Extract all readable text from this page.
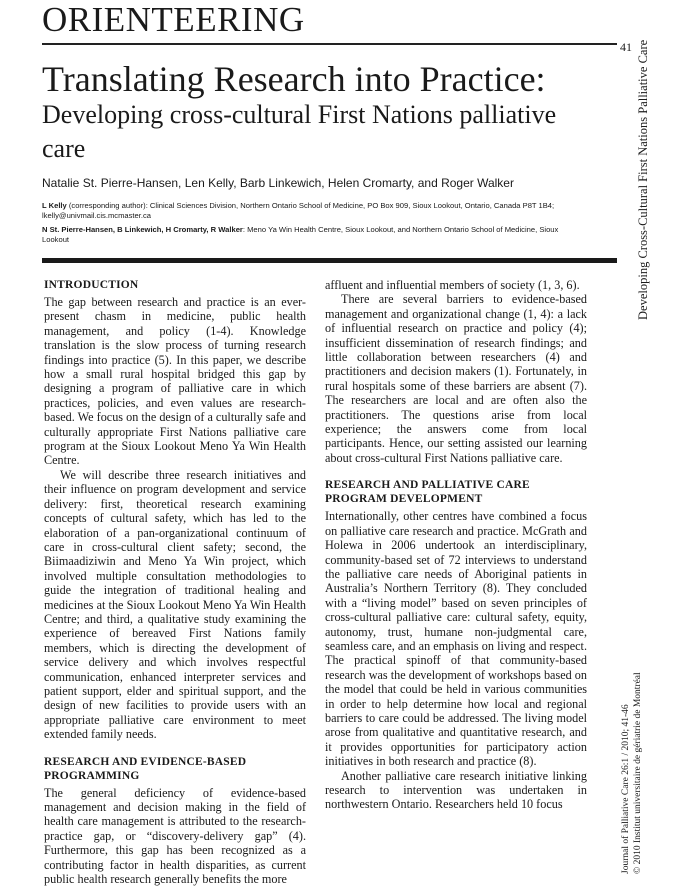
ORIENTEERING
41 Developing Cross-Cultural First Nations Palliative Care
Journal of Palliative Care 26:1 / 2010; 41-46 © 2010 Institut universitaire de gériatrie de Montréal
Translating Research into Practice:
Developing cross-cultural First Nations palliative care
Natalie St. Pierre-Hansen, Len Kelly, Barb Linkewich, Helen Cromarty, and Roger Walker
L Kelly (corresponding author): Clinical Sciences Division, Northern Ontario School of Medicine, PO Box 909, Sioux Lookout, Ontario, Canada P8T 1B4; lkelly@univmail.cis.mcmaster.ca
N St. Pierre-Hansen, B Linkewich, H Cromarty, R Walker: Meno Ya Win Health Centre, Sioux Lookout, and Northern Ontario School of Medicine, Sioux Lookout
INTRODUCTION

The gap between research and practice is an ever-present chasm in medicine, public health management, and policy (1-4). Knowledge translation is the slow process of turning research findings into practice (5). In this paper, we describe how a small rural hospital bridged this gap by designing a program of palliative care in which practices, policies, and even values are research-based. We focus on the design of a culturally safe and culturally appropriate First Nations palliative care program at the Sioux Lookout Meno Ya Win Health Centre.

We will describe three research initiatives and their influence on program development and service delivery: first, theoretical research examining concepts of cultural safety, which has led to the elaboration of a pan-organizational continuum of care in cross-cultural client safety; second, the Biimaadiziwin and Meno Ya Win project, which involved multiple consultation methodologies to guide the integration of traditional healing and medicines at the Sioux Lookout Meno Ya Win Health Centre; and third, a qualitative study examining the experience of bereaved First Nations family members, which is directing the development of service delivery and which involves respectful communication, enhanced interpreter services and patient support, elder and spiritual support, and the design of new facilities to provide users with an appropriate palliative care environment to meet extended family needs.

RESEARCH AND EVIDENCE-BASED PROGRAMMING

The general deficiency of evidence-based management and decision making in the field of health care management is attributed to the research-practice gap, or “discovery-delivery gap” (4). Furthermore, this gap has been recognized as a contributing factor in health disparities, as current public health research generally benefits the more

affluent and influential members of society (1, 3, 6).

There are several barriers to evidence-based management and organizational change (1, 4): a lack of influential research on practice and policy (4); insufficient dissemination of research findings; and little collaboration between researchers (4) and practitioners and decision makers (1). Fortunately, in rural hospitals some of these barriers are absent (7). The researchers are local and are often also the practitioners. The questions arise from local experience; the answers come from local participants. Hence, our setting assisted our learning about cross-cultural First Nations palliative care.

RESEARCH AND PALLIATIVE CARE PROGRAM DEVELOPMENT

Internationally, other centres have combined a focus on palliative care research and practice. McGrath and Holewa in 2006 undertook an interdisciplinary, community-based set of 72 interviews to understand the palliative care needs of Aboriginal patients in Australia’s Northern Territory (8). They concluded with a “living model” based on seven principles of cross-cultural palliative care: cultural safety, equity, autonomy, trust, humane non-judgmental care, seamless care, and an emphasis on living and respect. The practical spinoff of that community-based research was the development of workshops based on the model that could be held in various communities in order to help determine how local and regional barriers to care could be addressed. The living model arose from qualitative and quantitative research, and it provides opportunities for participatory action initiatives in both research and practice (8).

Another palliative care research initiative linking research to intervention was undertaken in northwestern Ontario. Researchers held 10 focus
